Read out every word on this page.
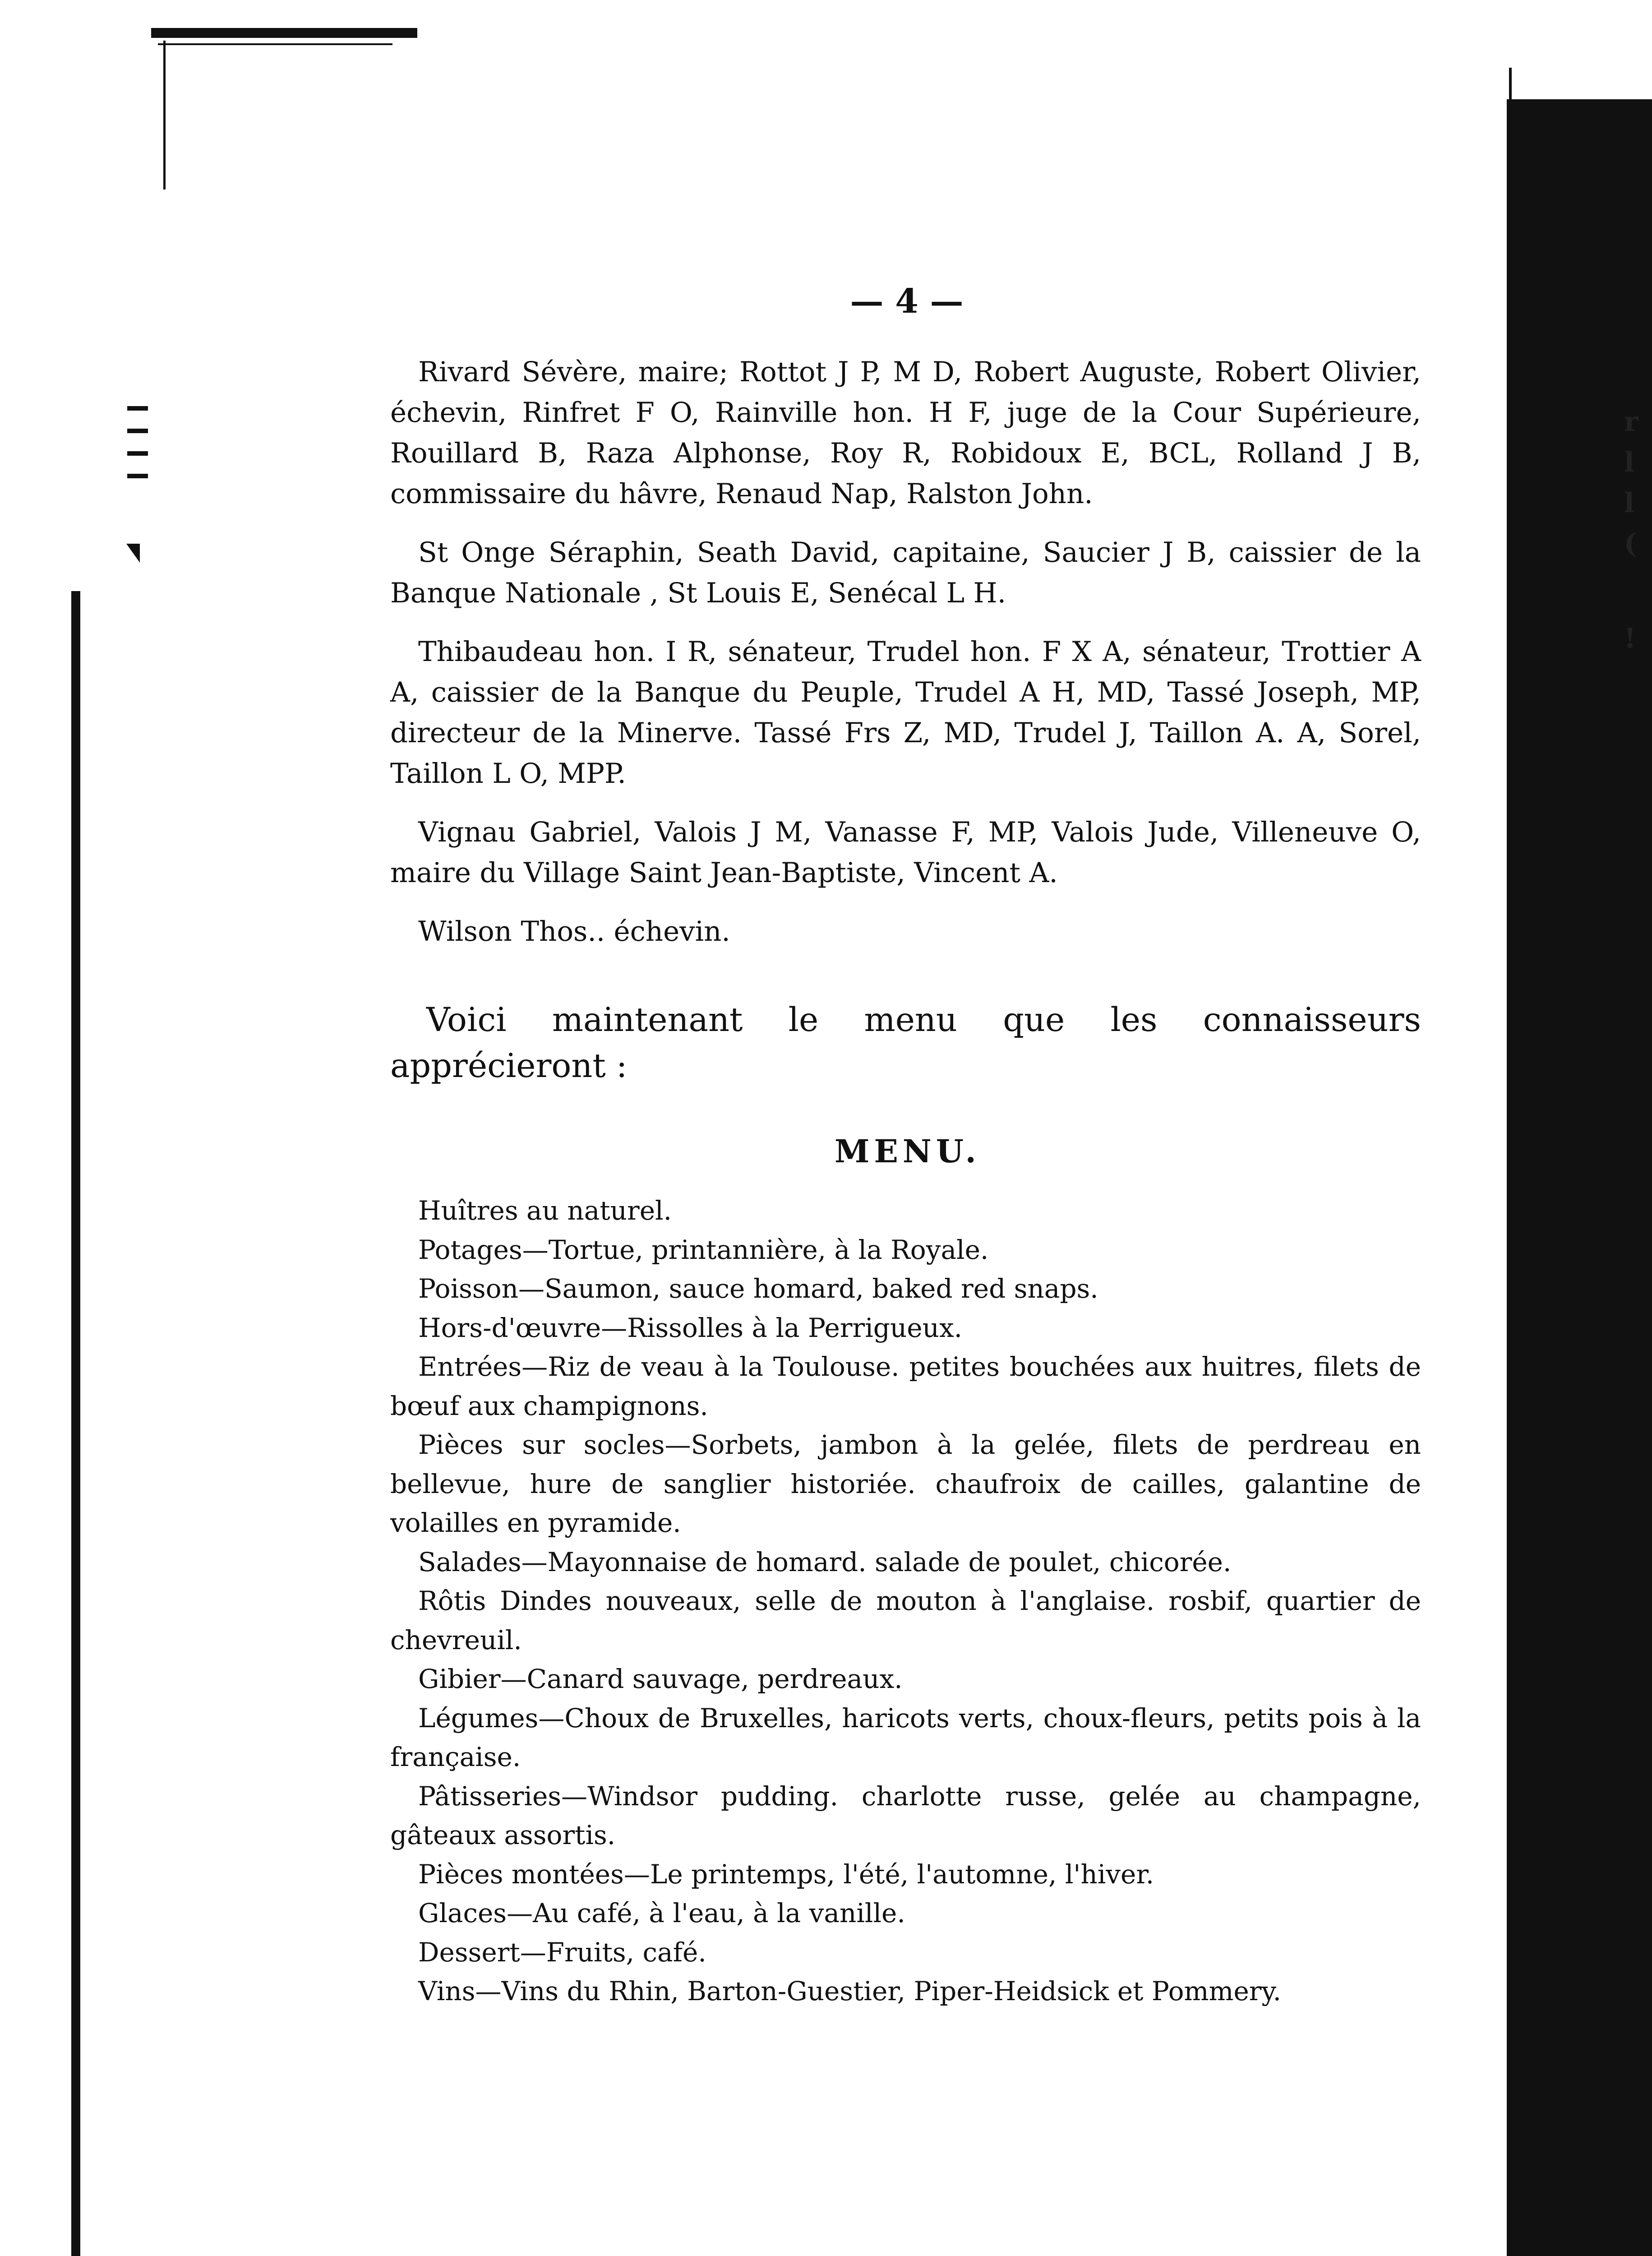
r
l
l
(
!
— 4 —

Rivard Sévère, maire; Rottot J P, M D, Robert Auguste, Robert Olivier, échevin, Rinfret F O, Rainville hon. H F, juge de la Cour Supérieure, Rouillard B, Raza Alphonse, Roy R, Robidoux E, BCL, Rolland J B, commissaire du hâvre, Renaud Nap, Ralston John.

St Onge Séraphin, Seath David, capitaine, Saucier J B, caissier de la Banque Nationale , St Louis E, Senécal L H.

Thibaudeau hon. I R, sénateur, Trudel hon. F X A, sénateur, Trottier A A, caissier de la Banque du Peuple, Trudel A H, MD, Tassé Joseph, MP, directeur de la Minerve. Tassé Frs Z, MD, Trudel J, Taillon A. A, Sorel, Taillon L O, MPP.

Vignau Gabriel, Valois J M, Vanasse F, MP, Valois Jude, Villeneuve O, maire du Village Saint Jean-Baptiste, Vincent A.

Wilson Thos.. échevin.

Voici maintenant le menu que les connaisseurs apprécieront :
MENU.

Huîtres au naturel.

Potages—Tortue, printannière, à la Royale.

Poisson—Saumon, sauce homard, baked red snaps.

Hors-d'œuvre—Rissolles à la Perrigueux.

Entrées—Riz de veau à la Toulouse. petites bouchées aux huitres, filets de bœuf aux champignons.

Pièces sur socles—Sorbets, jambon à la gelée, filets de perdreau en bellevue, hure de sanglier historiée. chaufroix de cailles, galantine de volailles en pyramide.

Salades—Mayonnaise de homard. salade de poulet, chicorée.

Rôtis Dindes nouveaux, selle de mouton à l'anglaise. rosbif, quartier de chevreuil.

Gibier—Canard sauvage, perdreaux.

Légumes—Choux de Bruxelles, haricots verts, choux-fleurs, petits pois à la française.

Pâtisseries—Windsor pudding. charlotte russe, gelée au champagne, gâteaux assortis.

Pièces montées—Le printemps, l'été, l'automne, l'hiver.

Glaces—Au café, à l'eau, à la vanille.

Dessert—Fruits, café.

Vins—Vins du Rhin, Barton-Guestier, Piper-Heidsick et Pommery.
